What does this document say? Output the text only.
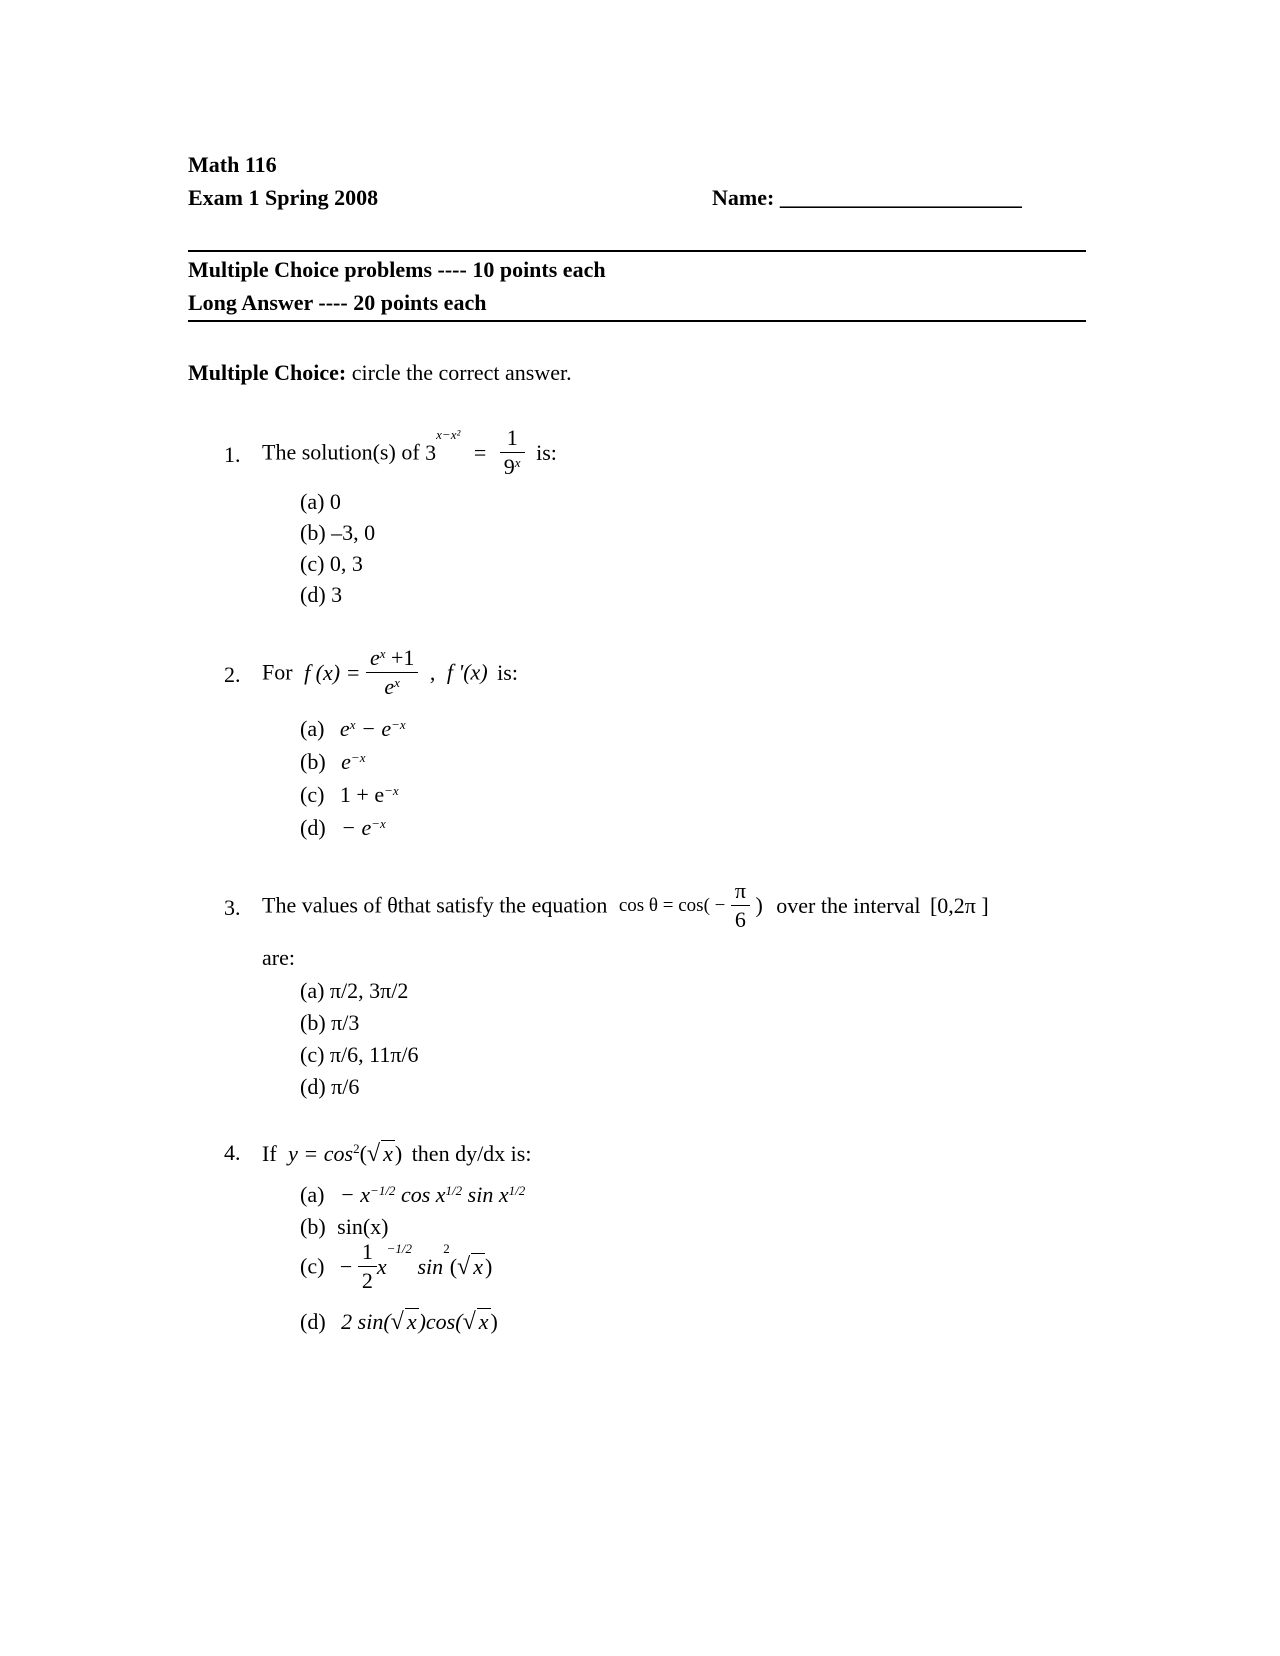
Math 116
Exam 1 Spring 2008	Name: ______________________
Multiple Choice problems ---- 10 points each
Long Answer ---- 20 points each
Multiple Choice: circle the correct answer.
1. The solution(s) of $3^{x-x^2} = \frac{1}{9^x}$ is:
(a) 0
(b) –3, 0
(c) 0, 3
(d) 3
2. For f $(x) = \frac{e^x +1}{e^x}$ , f '(x) is:
(a) $e^x - e^{-x}$
(b) $e^{-x}$
(c) $1 + e^{-x}$
$(d) - e^{-x}$
3. The values of θthat satisfy the equation $\cos \theta = \cos( - \frac{\pi}{6}$ ) over the interval [0,2π ]
are:
(a) π/2, 3π/2
(b) π/3
(c) π/6, 11π/6
(d) π/6
4. If $y = \cos^2(√$ x) then dy/dx is:
$(a) - x^{-1/2}$ $\cos x^{1/2}$ $\sin x^{1/2}$
(b) sin(x)
$(c) - \frac{1}{2} x^{-1/2}$ $\sin^2(√$ x)
(d) 2 sin(√ x)cos(√ x)
